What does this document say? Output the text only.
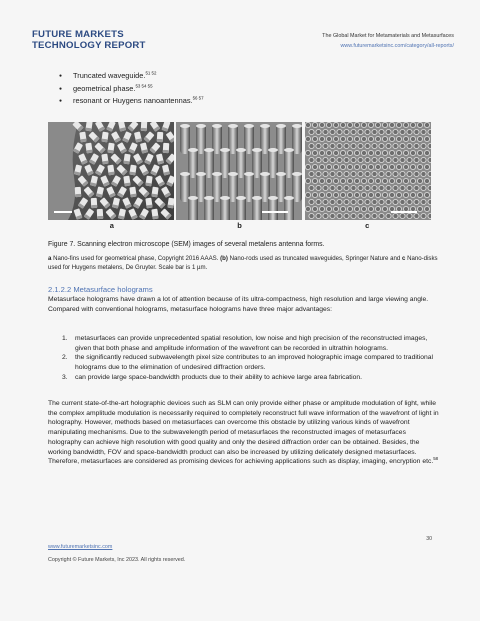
FUTURE MARKETS
TECHNOLOGY REPORT
The Global Market for Metamaterials and Metasurfaces
www.futuremarketsinc.com/category/all-reports/
● Truncated waveguide.$^{51 52}$
● geometrical phase.$^{53 54 55}$
● resonant or Huygens nanoantennas.$^{56 57}$
a	b	c
Figure 7. Scanning electron microscope (SEM) images of several metalens antenna forms.
a Nano-fins used for geometrical phase, Copyright 2016 AAAS. (b) Nano-rods used as truncated waveguides, Springer Nature and c Nano-disks used for Huygens metalens, De Gruyter. Scale bar is 1 µm.
2.1.2.2 Metasurface holograms
Metasurface holograms have drawn a lot of attention because of its ultra-compactness, high resolution and large viewing angle. Compared with conventional holograms, metasurface holograms have three major advantages:
1. metasurfaces can provide unprecedented spatial resolution, low noise and high precision of the reconstructed images, given that both phase and amplitude information of the wavefront can be recorded in ultrathin holograms.
2. the significantly reduced subwavelength pixel size contributes to an improved holographic image compared to traditional holograms due to the elimination of undesired diffraction orders.
3. can provide large space-bandwidth products due to their ability to achieve large area fabrication.
The current state-of-the-art holographic devices such as SLM can only provide either phase or amplitude modulation of light, while the complex amplitude modulation is necessarily required to completely reconstruct full wave information of the wavefront of light in holography. However, methods based on metasurfaces can overcome this obstacle by utilizing various kinds of wavefront manipulating mechanisms. Due to the subwavelength period of metasurfaces the reconstructed images of metasurfaces holography can achieve high resolution with good quality and only the desired diffraction order can be obtained. Besides, the working bandwidth, FOV and space-bandwidth product can also be increased by utilizing delicately designed metasurfaces. Therefore, metasurfaces are considered as promising devices for achieving applications such as display, imaging, encryption etc.$^{58}$
30
www.futuremarketsinc.com
Copyright © Future Markets, Inc 2023. All rights reserved.
